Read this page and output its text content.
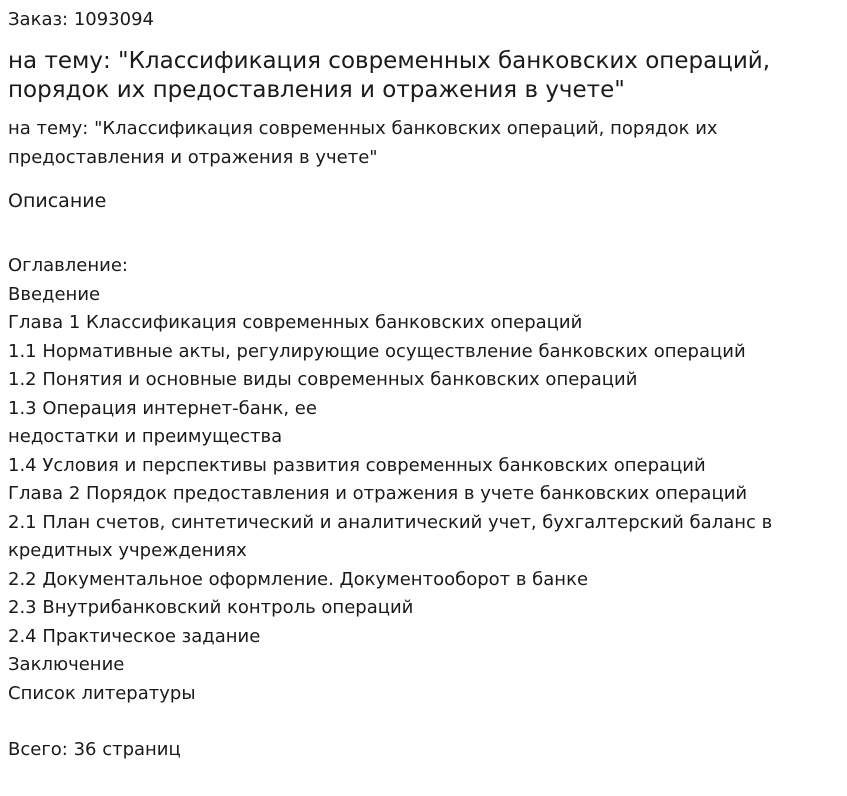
Заказ: 1093094

на тему: "Классификация современных банковских операций, порядок их предоставления и отражения в учете"

на тему: "Классификация современных банковских операций, порядок их предоставления и отражения в учете"

Описание

Оглавление:
Введение
Глава 1 Классификация современных банковских операций
1.1 Нормативные акты, регулирующие осуществление банковских операций
1.2 Понятия и основные виды современных банковских операций
1.3 Операция интернет-банк, ее
недостатки и преимущества
1.4 Условия и перспективы развития современных банковских операций
Глава 2 Порядок предоставления и отражения в учете банковских операций
2.1 План счетов, синтетический и аналитический учет, бухгалтерский баланс в кредитных учреждениях
2.2 Документальное оформление. Документооборот в банке
2.3 Внутрибанковский контроль операций
2.4 Практическое задание
Заключение
Список литературы

Всего: 36 страниц
